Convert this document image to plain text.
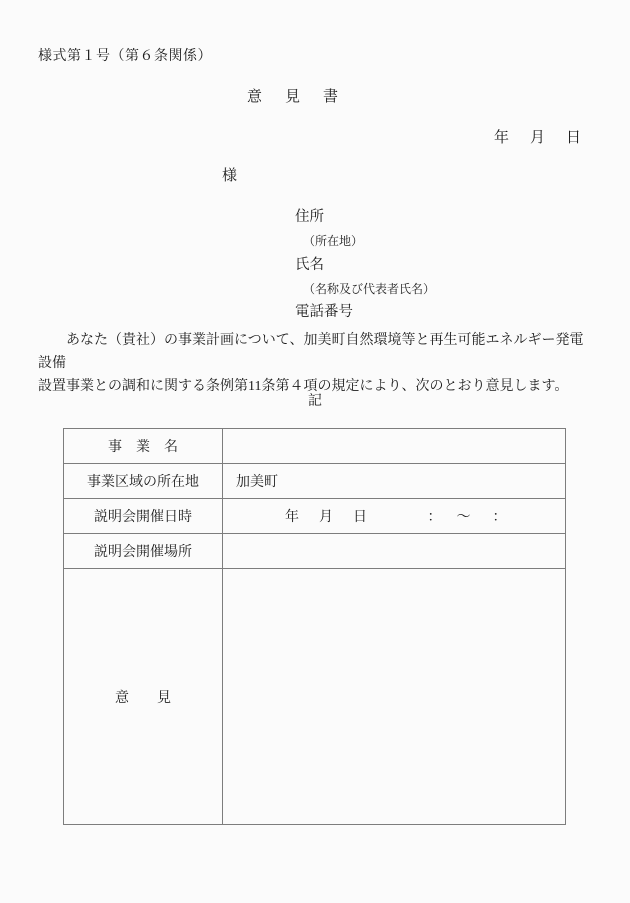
様式第１号（第６条関係）
意　見　書
年　月　日
様
住所
（所在地）
氏名
（名称及び代表者氏名）
電話番号
あなた（貴社）の事業計画について、加美町自然環境等と再生可能エネルギー発電設備
設置事業との調和に関する条例第11条第４項の規定により、次のとおり意見します。
記
事　業　名	
事業区域の所在地	加美町
説明会開催日時	年　月　日 ：　〜　：
説明会開催場所	
意　　見	
